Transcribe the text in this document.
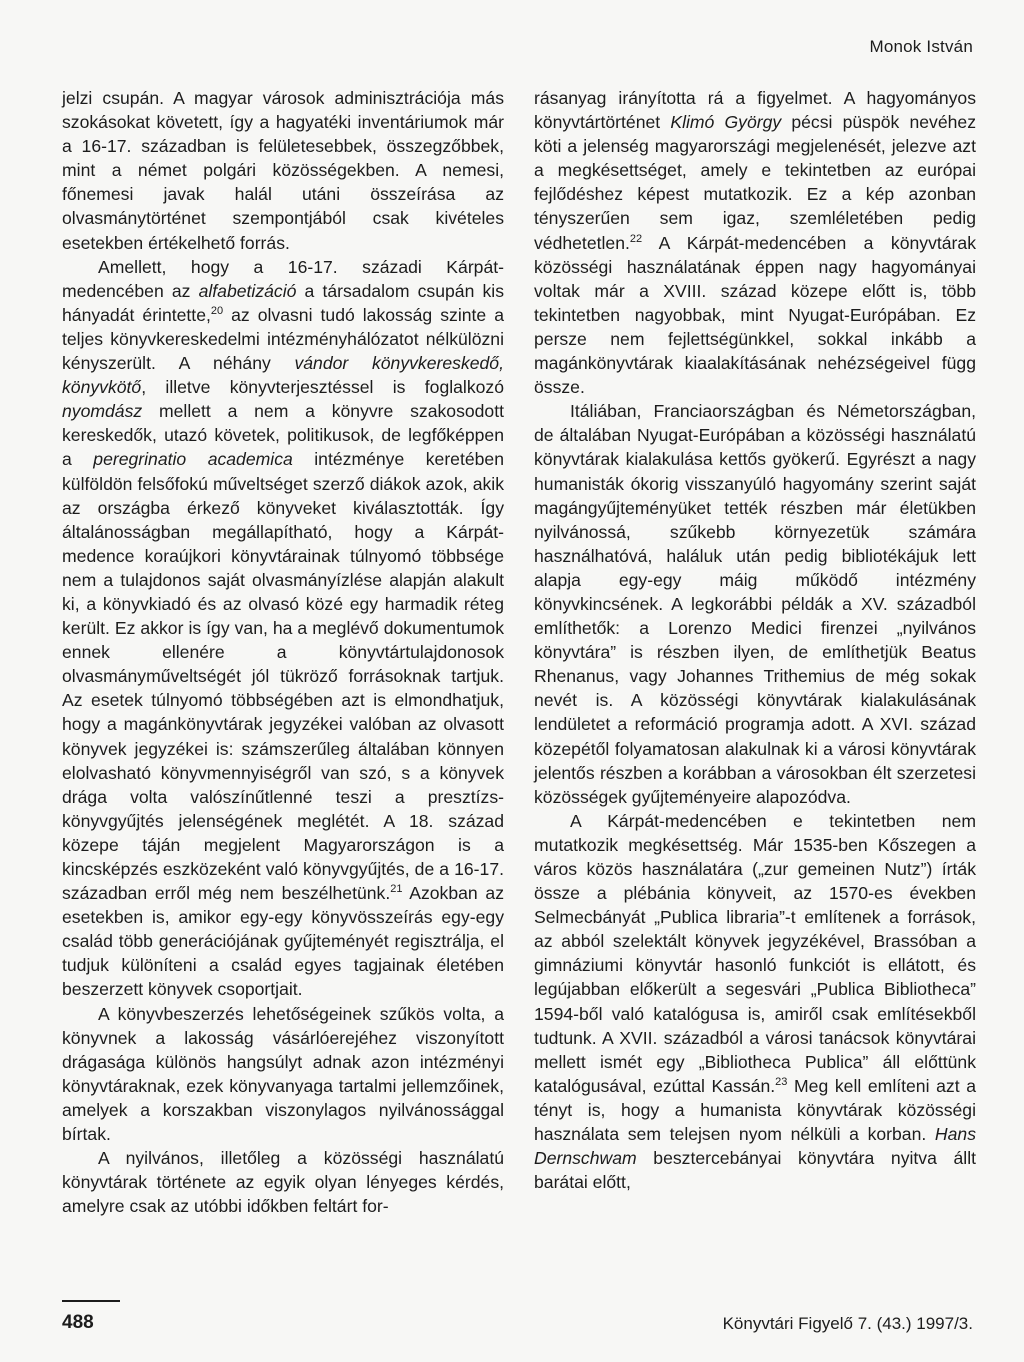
Monok István

jelzi csupán. A magyar városok adminisztrációja más szokásokat követett, így a hagyatéki inventáriumok már a 16-17. században is felületesebbek, összegzőbbek, mint a német polgári közösségekben. A nemesi, főnemesi javak halál utáni összeírása az olvasmánytörténet szempontjából csak kivételes esetekben értékelhető forrás.

Amellett, hogy a 16-17. századi Kárpát-medencében az alfabetizáció a társadalom csupán kis hányadát érintette,$^{20}$ az olvasni tudó lakosság szinte a teljes könyvkereskedelmi intézményhálózatot nélkülözni kényszerült. A néhány vándor könyvkereskedő, könyvkötő, illetve könyvterjesztéssel is foglalkozó nyomdász mellett a nem a könyvre szakosodott kereskedők, utazó követek, politikusok, de legfőképpen a peregrinatio academica intézménye keretében külföldön felsőfokú műveltséget szerző diákok azok, akik az országba érkező könyveket kiválasztották. Így általánosságban megállapítható, hogy a Kárpát-medence koraújkori könyvtárainak túlnyomó többsége nem a tulajdonos saját olvasmányízlése alapján alakult ki, a könyvkiadó és az olvasó közé egy harmadik réteg került. Ez akkor is így van, ha a meglévő dokumentumok ennek ellenére a könyvtártulajdonosok olvasmányműveltségét jól tükröző forrásoknak tartjuk. Az esetek túlnyomó többségében azt is elmondhatjuk, hogy a magánkönyvtárak jegyzékei valóban az olvasott könyvek jegyzékei is: számszerűleg általában könnyen elolvasható könyvmennyiségről van szó, s a könyvek drága volta valószínűtlenné teszi a presztízs-könyvgyűjtés jelenségének meglétét. A 18. század közepe táján megjelent Magyarországon is a kincsképzés eszközeként való könyvgyűjtés, de a 16-17. században erről még nem beszélhetünk.$^{21}$ Azokban az esetekben is, amikor egy-egy könyvösszeírás egy-egy család több generációjának gyűjteményét regisztrálja, el tudjuk különíteni a család egyes tagjainak életében beszerzett könyvek csoportjait.

A könyvbeszerzés lehetőségeinek szűkös volta, a könyvnek a lakosság vásárlóerejéhez viszonyított drágasága különös hangsúlyt adnak azon intézményi könyvtáraknak, ezek könyvanyaga tartalmi jellemzőinek, amelyek a korszakban viszonylagos nyilvánossággal bírtak.

A nyilvános, illetőleg a közösségi használatú könyvtárak története az egyik olyan lényeges kérdés, amelyre csak az utóbbi időkben feltárt for-

rásanyag irányította rá a figyelmet. A hagyományos könyvtártörténet Klimó György pécsi püspök nevéhez köti a jelenség magyarországi megjelenését, jelezve azt a megkésettséget, amely e tekintetben az európai fejlődéshez képest mutatkozik. Ez a kép azonban tényszerűen sem igaz, szemléletében pedig védhetetlen.$^{22}$ A Kárpát-medencében a könyvtárak közösségi használatának éppen nagy hagyományai voltak már a XVIII. század közepe előtt is, több tekintetben nagyobbak, mint Nyugat-Európában. Ez persze nem fejlettségünkkel, sokkal inkább a magánkönyvtárak kiaalakításának nehézségeivel függ össze.

Itáliában, Franciaországban és Németországban, de általában Nyugat-Európában a közösségi használatú könyvtárak kialakulása kettős gyökerű. Egyrészt a nagy humanisták ókorig visszanyúló hagyomány szerint saját magángyűjteményüket tették részben már életükben nyilvánossá, szűkebb környezetük számára használhatóvá, haláluk után pedig bibliotékájuk lett alapja egy-egy máig működő intézmény könyvkincsének. A legkorábbi példák a XV. századból említhetők: a Lorenzo Medici firenzei „nyilvános könyvtára” is részben ilyen, de említhetjük Beatus Rhenanus, vagy Johannes Trithemius de még sokak nevét is. A közösségi könyvtárak kialakulásának lendületet a reformáció programja adott. A XVI. század közepétől folyamatosan alakulnak ki a városi könyvtárak jelentős részben a korábban a városokban élt szerzetesi közösségek gyűjteményeire alapozódva.

A Kárpát-medencében e tekintetben nem mutatkozik megkésettség. Már 1535-ben Kőszegen a város közös használatára („zur gemeinen Nutz”) írták össze a plébánia könyveit, az 1570-es években Selmecbányát „Publica libraria”-t említenek a források, az abból szelektált könyvek jegyzékével, Brassóban a gimnáziumi könyvtár hasonló funkciót is ellátott, és legújabban előkerült a segesvári „Publica Bibliotheca” 1594-ből való katalógusa is, amiről csak említésekből tudtunk. A XVII. századból a városi tanácsok könyvtárai mellett ismét egy „Bibliotheca Publica” áll előttünk katalógusával, ezúttal Kassán.$^{23}$ Meg kell említeni azt a tényt is, hogy a humanista könyvtárak közösségi használata sem telejsen nyom nélküli a korban. Hans Dernschwam besztercebányai könyvtára nyitva állt barátai előtt,

488	Könyvtári Figyelő 7. (43.) 1997/3.
